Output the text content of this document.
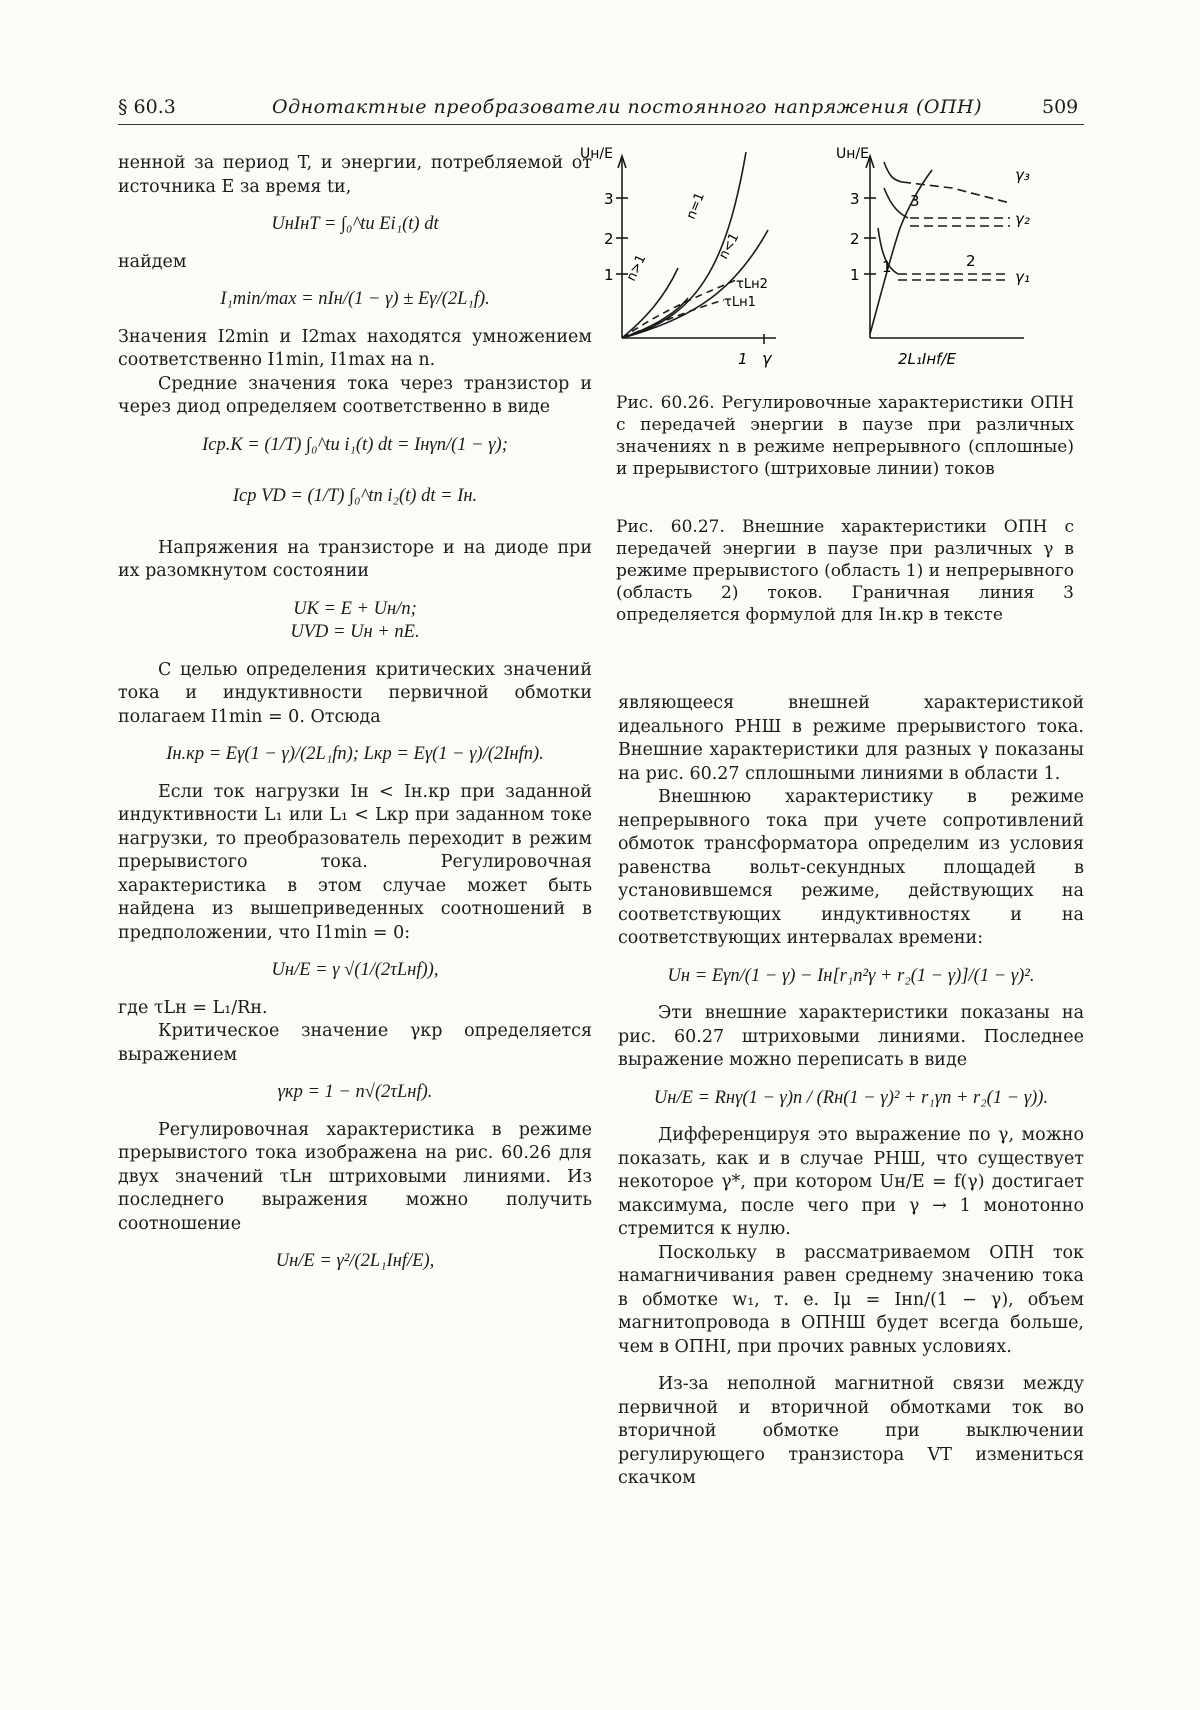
§ 60.3	Однотактные преобразователи постоянного напряжения (ОПН)	509

ненной за период T, и энергии, потребляемой от источника E за время tи,

UнIнT = ∫₀^tи Ei₁(t) dt

найдем

I₁min/max = nIн/(1 − γ) ± Eγ/(2L₁f).

Значения I2min и I2max находятся умножением соответственно I1min, I1max на n.

Средние значения тока через транзистор и через диод определяем соответственно в виде

Iср.К = (1/T) ∫₀^tи i₁(t) dt = Iнγn/(1 − γ);

Iср VD = (1/T) ∫₀^tп i₂(t) dt = Iн.

Напряжения на транзисторе и на диоде при их разомкнутом состоянии

UК = E + Uн/n;

UVD = Uн + nE.

С целью определения критических значений тока и индуктивности первичной обмотки полагаем I1min = 0. Отсюда

Iн.кр = Eγ(1 − γ)/(2L₁fn); Lкр = Eγ(1 − γ)/(2Iнfn).

Если ток нагрузки Iн < Iн.кр при заданной индуктивности L₁ или L₁ < Lкр при заданном токе нагрузки, то преобразователь переходит в режим прерывистого тока. Регулировочная характеристика в этом случае может быть найдена из вышеприведенных соотношений в предположении, что I1min = 0:

Uн/E = γ √(1/(2τLнf)),

где τLн = L₁/Rн.

Критическое значение γкр определяется выражением

γкр = 1 − n√(2τLнf).

Регулировочная характеристика в режиме прерывистого тока изображена на рис. 60.26 для двух значений τLн штриховыми линиями. Из последнего выражения можно получить соотношение

Uн/E = γ²/(2L₁Iнf/E),

Uн/E
1
2
3
1 γ
n=1
n<1
n>1
τLн2
τLн1
Uн/E
1
2
3
γ₃
γ₂
γ₁
1	2
3
2L₁Iнf/E
Рис. 60.26. Регулировочные характеристики ОПН с передачей энергии в паузе при различных значениях n в режиме непрерывного (сплошные) и прерывистого (штриховые линии) токов
Рис. 60.27. Внешние характеристики ОПН с передачей энергии в паузе при различных γ в режиме прерывистого (область 1) и непрерывного (область 2) токов. Граничная линия 3 определяется формулой для Iн.кр в тексте

являющееся внешней характеристикой идеального РНШ в режиме прерывистого тока. Внешние характеристики для разных γ показаны на рис. 60.27 сплошными линиями в области 1.

Внешнюю характеристику в режиме непрерывного тока при учете сопротивлений обмоток трансформатора определим из условия равенства вольт-секундных площадей в установившемся режиме, действующих на соответствующих индуктивностях и на соответствующих интервалах времени:

Uн = Eγn/(1 − γ) − Iн[r₁n²γ + r₂(1 − γ)]/(1 − γ)².

Эти внешние характеристики показаны на рис. 60.27 штриховыми линиями. Последнее выражение можно переписать в виде

Uн/E = Rнγ(1 − γ)n / (Rн(1 − γ)² + r₁γn + r₂(1 − γ)).

Дифференцируя это выражение по γ, можно показать, как и в случае РНШ, что существует некоторое γ*, при котором Uн/E = f(γ) достигает максимума, после чего при γ → 1 монотонно стремится к нулю.

Поскольку в рассматриваемом ОПН ток намагничивания равен среднему значению тока в обмотке w₁, т. е. Iμ = Iнn/(1 − γ), объем магнитопровода в ОПНШ будет всегда больше, чем в ОПНI, при прочих равных условиях.

Из-за неполной магнитной связи между первичной и вторичной обмотками ток во вторичной обмотке при выключении регулирующего транзистора VT измениться скачком
